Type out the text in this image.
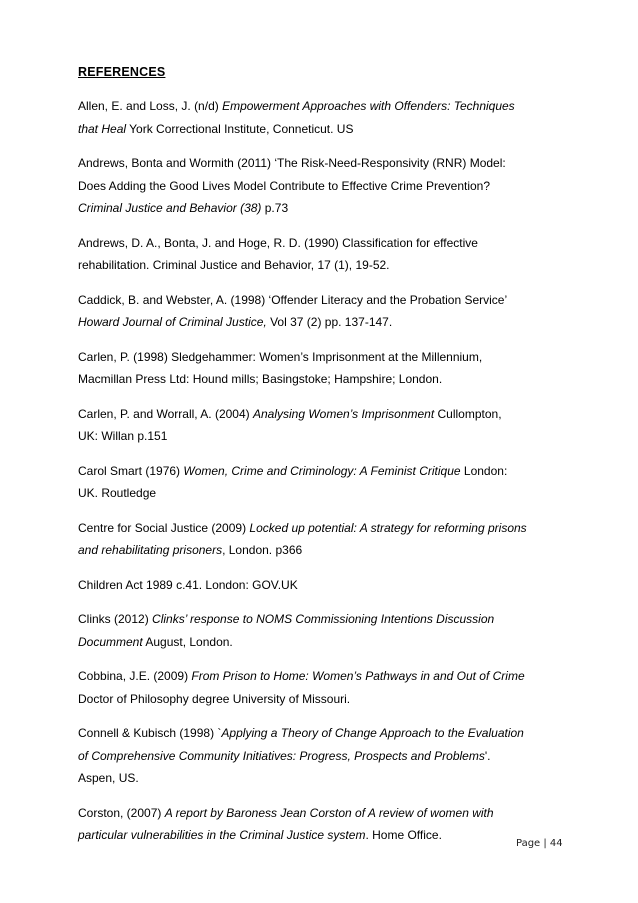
REFERENCES
Allen, E. and Loss, J. (n/d) Empowerment Approaches with Offenders: Techniques
that Heal York Correctional Institute, Conneticut. US
Andrews, Bonta and Wormith (2011) ‘The Risk-Need-Responsivity (RNR) Model:
Does Adding the Good Lives Model Contribute to Effective Crime Prevention?
Criminal Justice and Behavior (38) p.73
Andrews, D. A., Bonta, J. and Hoge, R. D. (1990) Classification for effective
rehabilitation. Criminal Justice and Behavior, 17 (1), 19-52.
Caddick, B. and Webster, A. (1998) ‘Offender Literacy and the Probation Service’
Howard Journal of Criminal Justice, Vol 37 (2) pp. 137-147.
Carlen, P. (1998) Sledgehammer: Women’s Imprisonment at the Millennium,
Macmillan Press Ltd: Hound mills; Basingstoke; Hampshire; London.
Carlen, P. and Worrall, A. (2004) Analysing Women’s Imprisonment Cullompton,
UK: Willan p.151
Carol Smart (1976) Women, Crime and Criminology: A Feminist Critique London:
UK. Routledge
Centre for Social Justice (2009) Locked up potential: A strategy for reforming prisons
and rehabilitating prisoners, London. p366
Children Act 1989 c.41. London: GOV.UK
Clinks (2012) Clinks’ response to NOMS Commissioning Intentions Discussion
Documment August, London.
Cobbina, J.E. (2009) From Prison to Home: Women’s Pathways in and Out of Crime
Doctor of Philosophy degree University of Missouri.
Connell & Kubisch (1998) `Applying a Theory of Change Approach to the Evaluation
of Comprehensive Community Initiatives: Progress, Prospects and Problems'.
Aspen, US.
Corston, (2007) A report by Baroness Jean Corston of A review of women with
particular vulnerabilities in the Criminal Justice system. Home Office.
Page | 44
